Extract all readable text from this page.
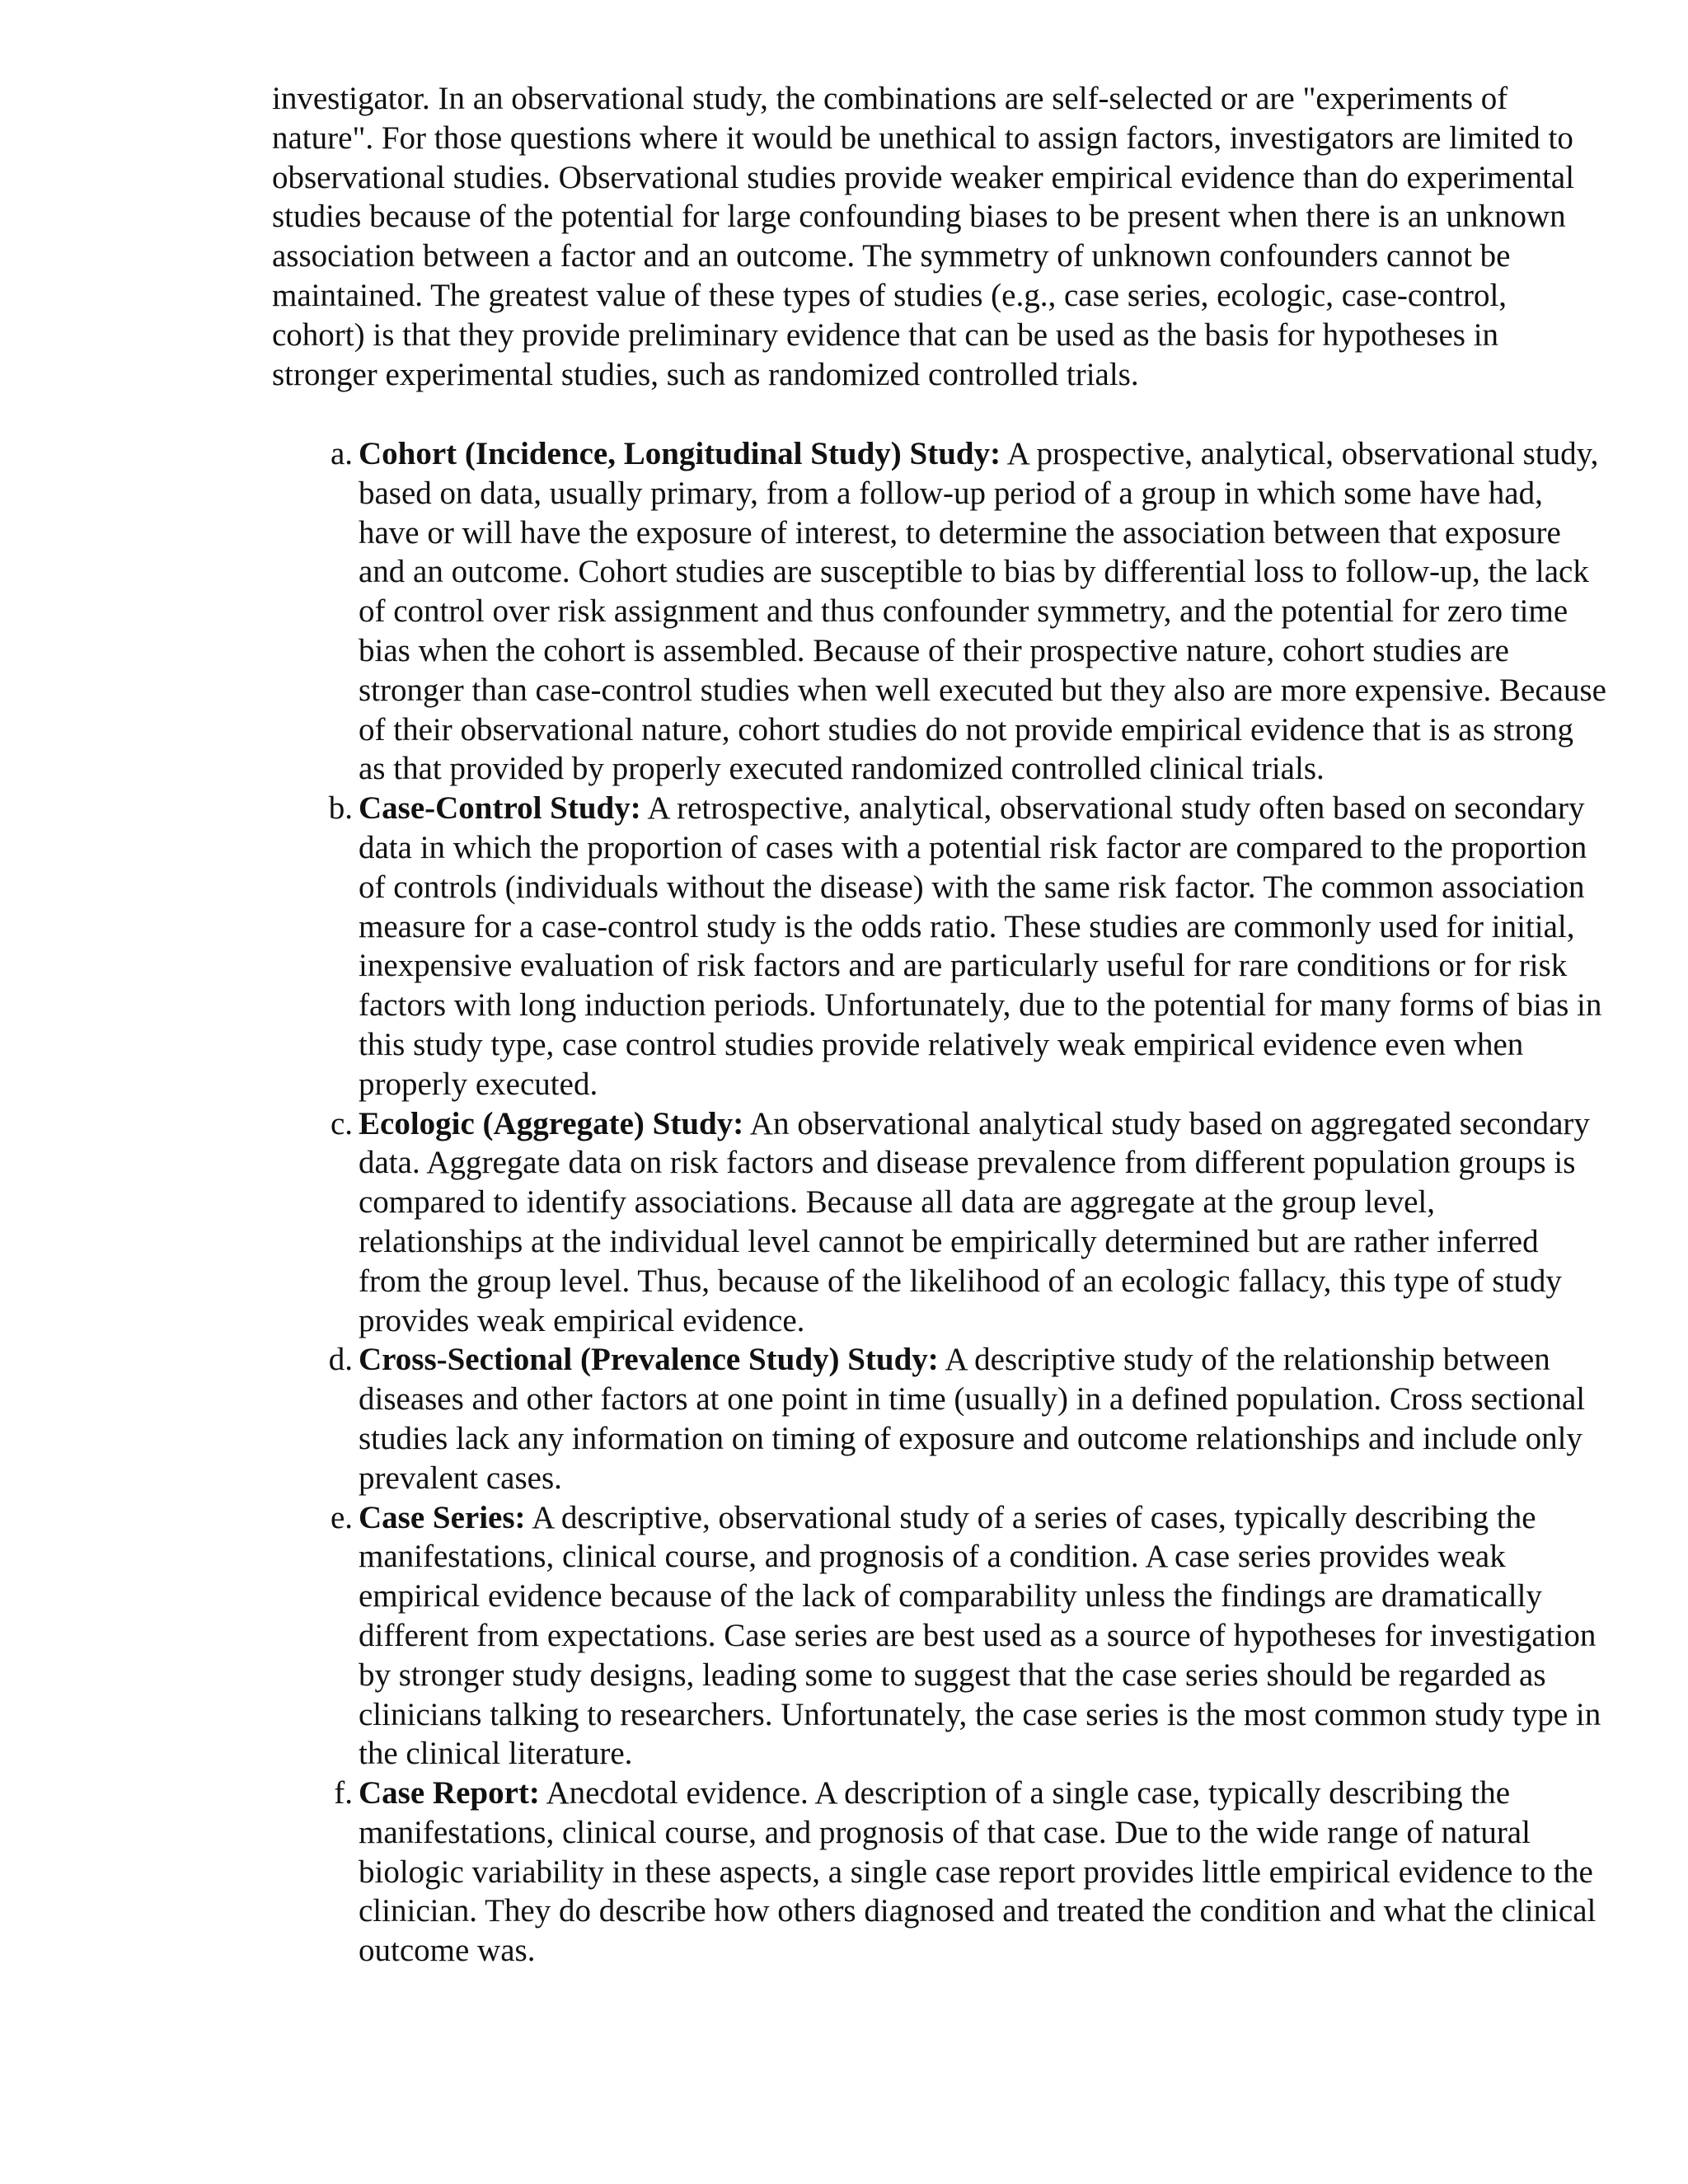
investigator. In an observational study, the combinations are self-selected or are "experiments of nature". For those questions where it would be unethical to assign factors, investigators are limited to observational studies. Observational studies provide weaker empirical evidence than do experimental studies because of the potential for large confounding biases to be present when there is an unknown association between a factor and an outcome. The symmetry of unknown confounders cannot be maintained. The greatest value of these types of studies (e.g., case series, ecologic, case-control, cohort) is that they provide preliminary evidence that can be used as the basis for hypotheses in stronger experimental studies, such as randomized controlled trials.

a. Cohort (Incidence, Longitudinal Study) Study: A prospective, analytical, observational study, based on data, usually primary, from a follow-up period of a group in which some have had, have or will have the exposure of interest, to determine the association between that exposure and an outcome. Cohort studies are susceptible to bias by differential loss to follow-up, the lack of control over risk assignment and thus confounder symmetry, and the potential for zero time bias when the cohort is assembled. Because of their prospective nature, cohort studies are stronger than case-control studies when well executed but they also are more expensive. Because of their observational nature, cohort studies do not provide empirical evidence that is as strong as that provided by properly executed randomized controlled clinical trials.
b. Case-Control Study: A retrospective, analytical, observational study often based on secondary data in which the proportion of cases with a potential risk factor are compared to the proportion of controls (individuals without the disease) with the same risk factor. The common association measure for a case-control study is the odds ratio. These studies are commonly used for initial, inexpensive evaluation of risk factors and are particularly useful for rare conditions or for risk factors with long induction periods. Unfortunately, due to the potential for many forms of bias in this study type, case control studies provide relatively weak empirical evidence even when properly executed.
c. Ecologic (Aggregate) Study: An observational analytical study based on aggregated secondary data. Aggregate data on risk factors and disease prevalence from different population groups is compared to identify associations. Because all data are aggregate at the group level, relationships at the individual level cannot be empirically determined but are rather inferred from the group level. Thus, because of the likelihood of an ecologic fallacy, this type of study provides weak empirical evidence.
d. Cross-Sectional (Prevalence Study) Study: A descriptive study of the relationship between diseases and other factors at one point in time (usually) in a defined population. Cross sectional studies lack any information on timing of exposure and outcome relationships and include only prevalent cases.
e. Case Series: A descriptive, observational study of a series of cases, typically describing the manifestations, clinical course, and prognosis of a condition. A case series provides weak empirical evidence because of the lack of comparability unless the findings are dramatically different from expectations. Case series are best used as a source of hypotheses for investigation by stronger study designs, leading some to suggest that the case series should be regarded as clinicians talking to researchers. Unfortunately, the case series is the most common study type in the clinical literature.
f. Case Report: Anecdotal evidence. A description of a single case, typically describing the manifestations, clinical course, and prognosis of that case. Due to the wide range of natural biologic variability in these aspects, a single case report provides little empirical evidence to the clinician. They do describe how others diagnosed and treated the condition and what the clinical outcome was.
